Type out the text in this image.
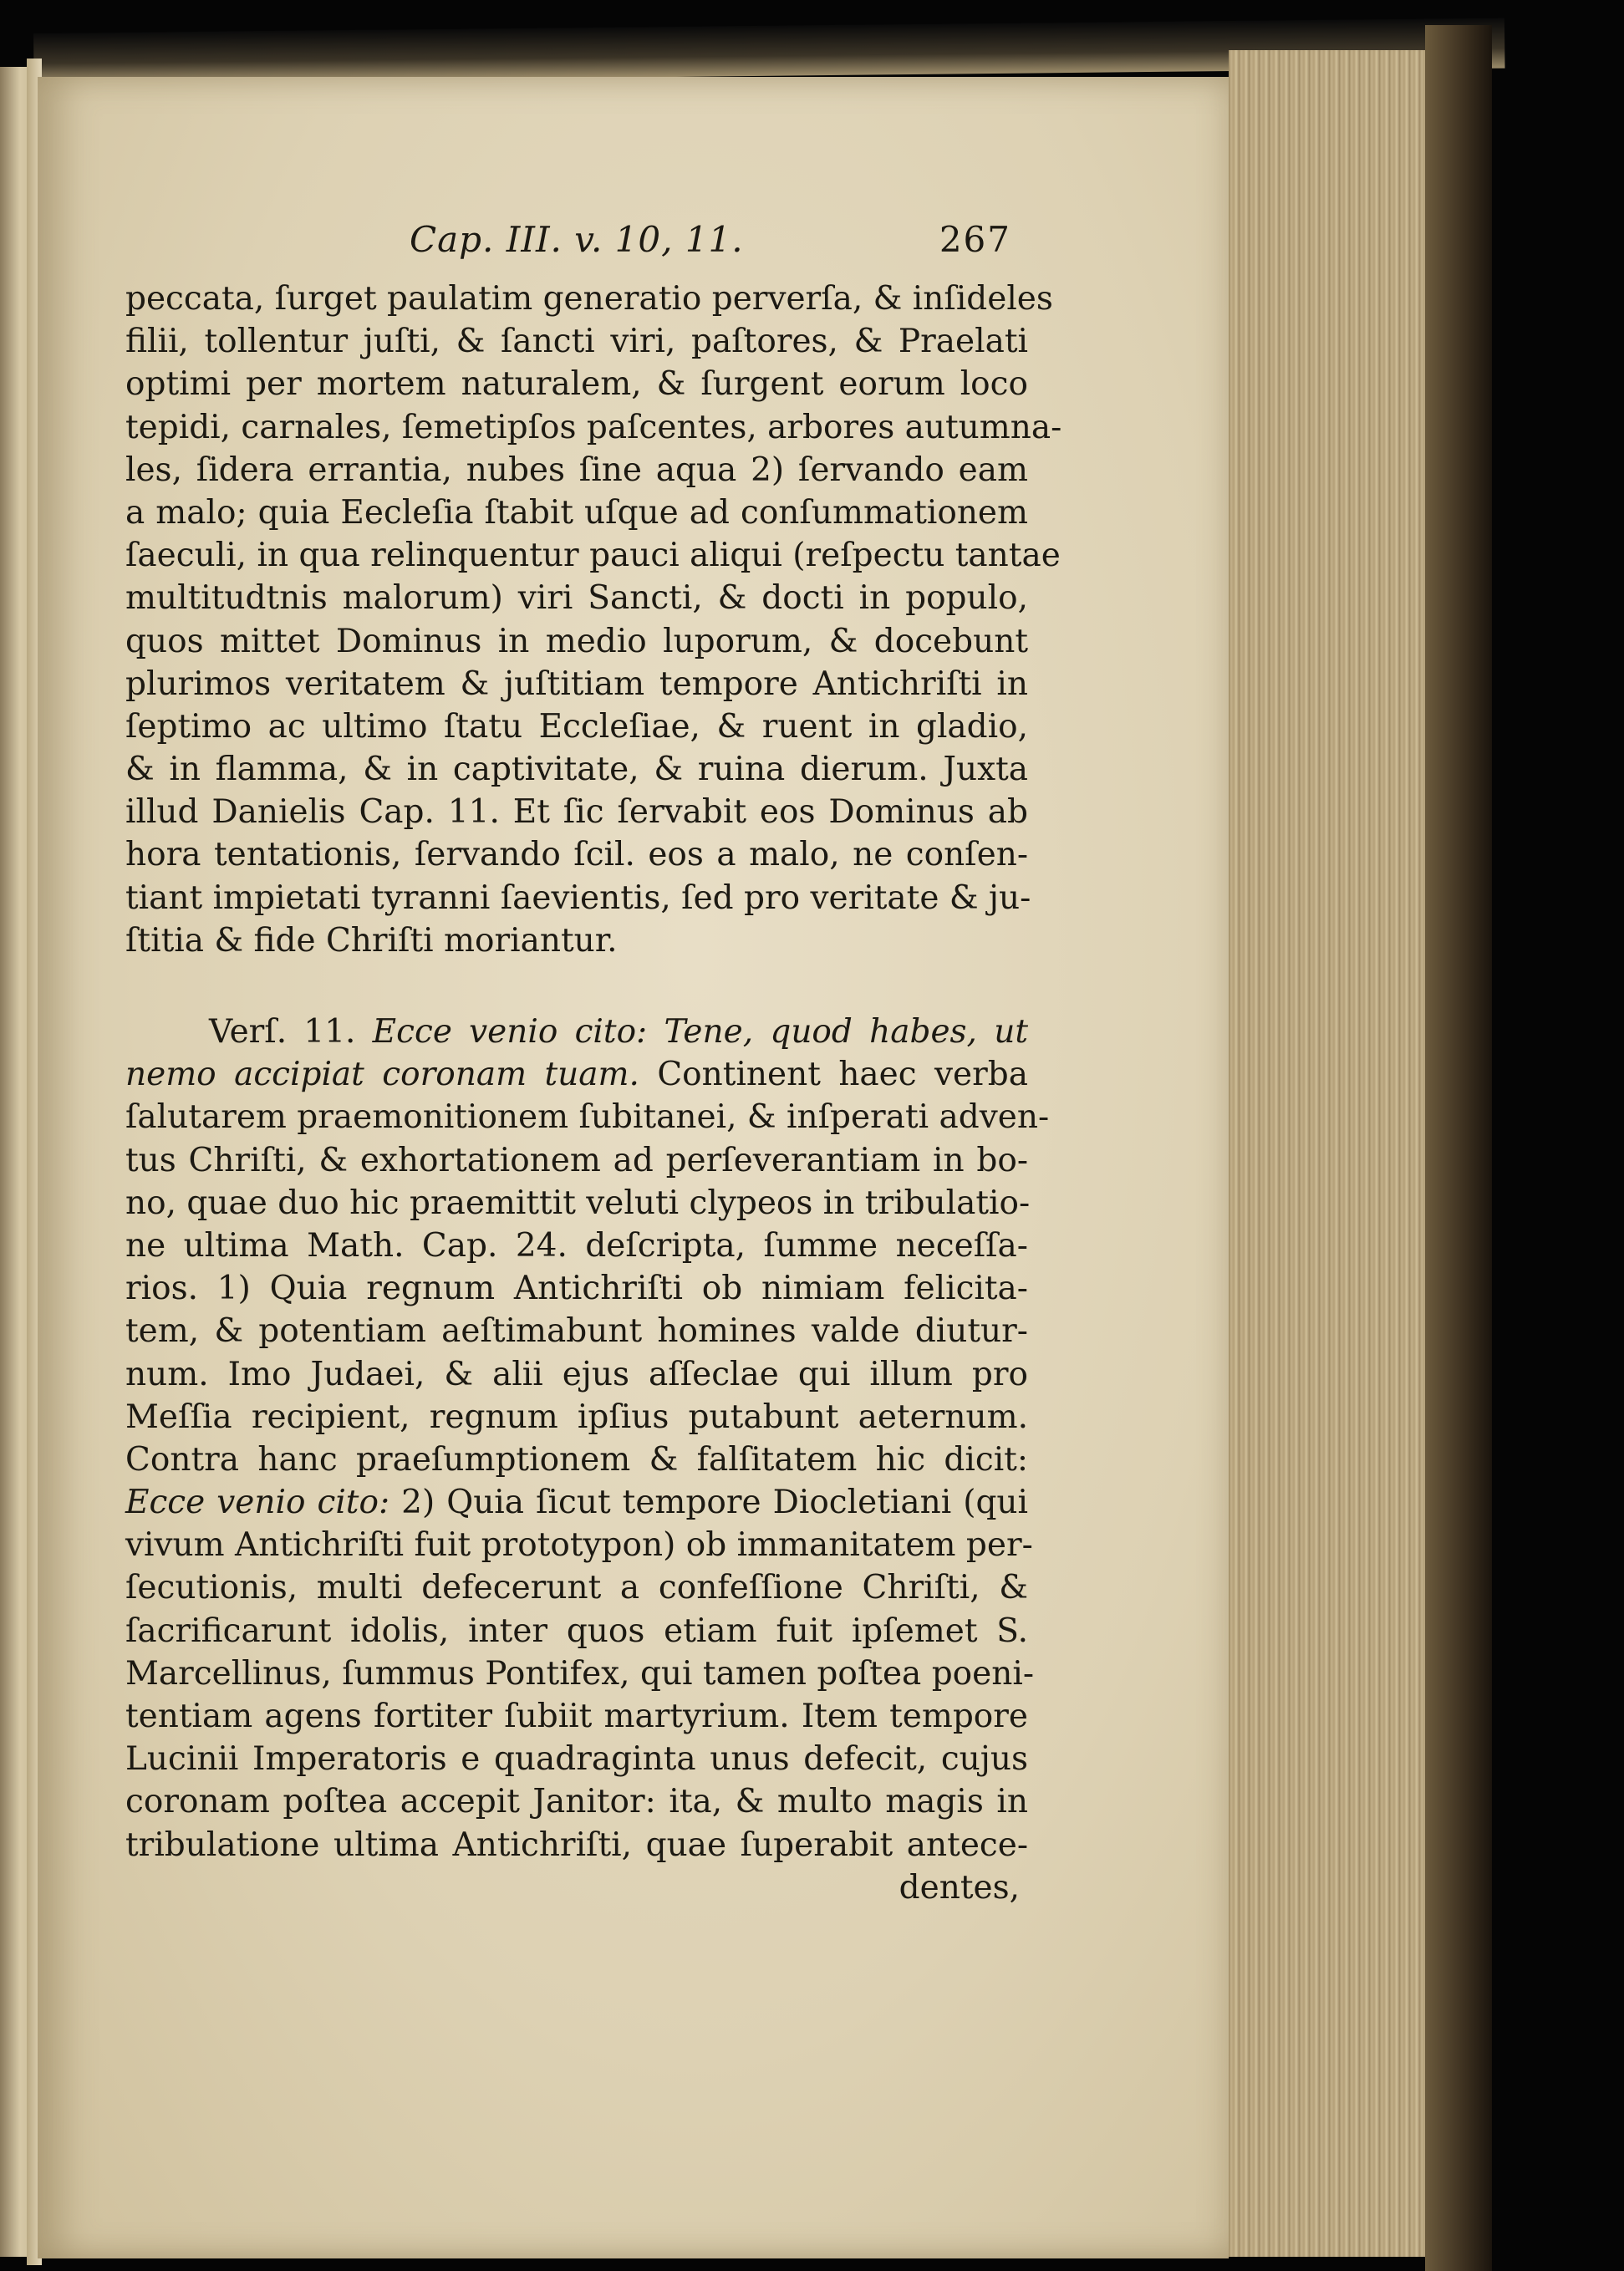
Cap. III. v. 10, 11.	267
peccata, ſurget paulatim generatio perverſa, & inſideles
filii, tollentur juſti, & ſancti viri, paſtores, & Praelati
optimi per mortem naturalem, & ſurgent eorum loco
tepidi, carnales, ſemetipſos paſcentes, arbores autumna-
les, ſidera errantia, nubes ſine aqua 2) ſervando eam
a malo; quia Eecleſia ſtabit uſque ad conſummationem
ſaeculi, in qua relinquentur pauci aliqui (reſpectu tantae
multitudtnis malorum) viri Sancti, & docti in populo,
quos mittet Dominus in medio luporum, & docebunt
plurimos veritatem & juſtitiam tempore Antichriſti in
ſeptimo ac ultimo ſtatu Eccleſiae, & ruent in gladio,
& in flamma, & in captivitate, & ruina dierum. Juxta
illud Danielis Cap. 11. Et ſic ſervabit eos Dominus ab
hora tentationis, ſervando ſcil. eos a malo, ne conſen-
tiant impietati tyranni ſaevientis, ſed pro veritate & ju-
ſtitia & fide Chriſti moriantur.
Verſ. 11. Ecce venio cito: Tene, quod habes, ut
nemo accipiat coronam tuam. Continent haec verba
ſalutarem praemonitionem ſubitanei, & inſperati adven-
tus Chriſti, & exhortationem ad perſeverantiam in bo-
no, quae duo hic praemittit veluti clypeos in tribulatio-
ne ultima Math. Cap. 24. deſcripta, ſumme neceſſa-
rios. 1) Quia regnum Antichriſti ob nimiam felicita-
tem, & potentiam aeſtimabunt homines valde diutur-
num. Imo Judaei, & alii ejus aſſeclae qui illum pro
Meſſia recipient, regnum ipſius putabunt aeternum.
Contra hanc praeſumptionem & falſitatem hic dicit:
Ecce venio cito: 2) Quia ſicut tempore Diocletiani (qui
vivum Antichriſti fuit prototypon) ob immanitatem per-
ſecutionis, multi defecerunt a confeſſione Chriſti, &
ſacrificarunt idolis, inter quos etiam fuit ipſemet S.
Marcellinus, ſummus Pontifex, qui tamen poſtea poeni-
tentiam agens fortiter ſubiit martyrium. Item tempore
Lucinii Imperatoris e quadraginta unus defecit, cujus
coronam poſtea accepit Janitor: ita, & multo magis in
tribulatione ultima Antichriſti, quae ſuperabit antece-
dentes,
